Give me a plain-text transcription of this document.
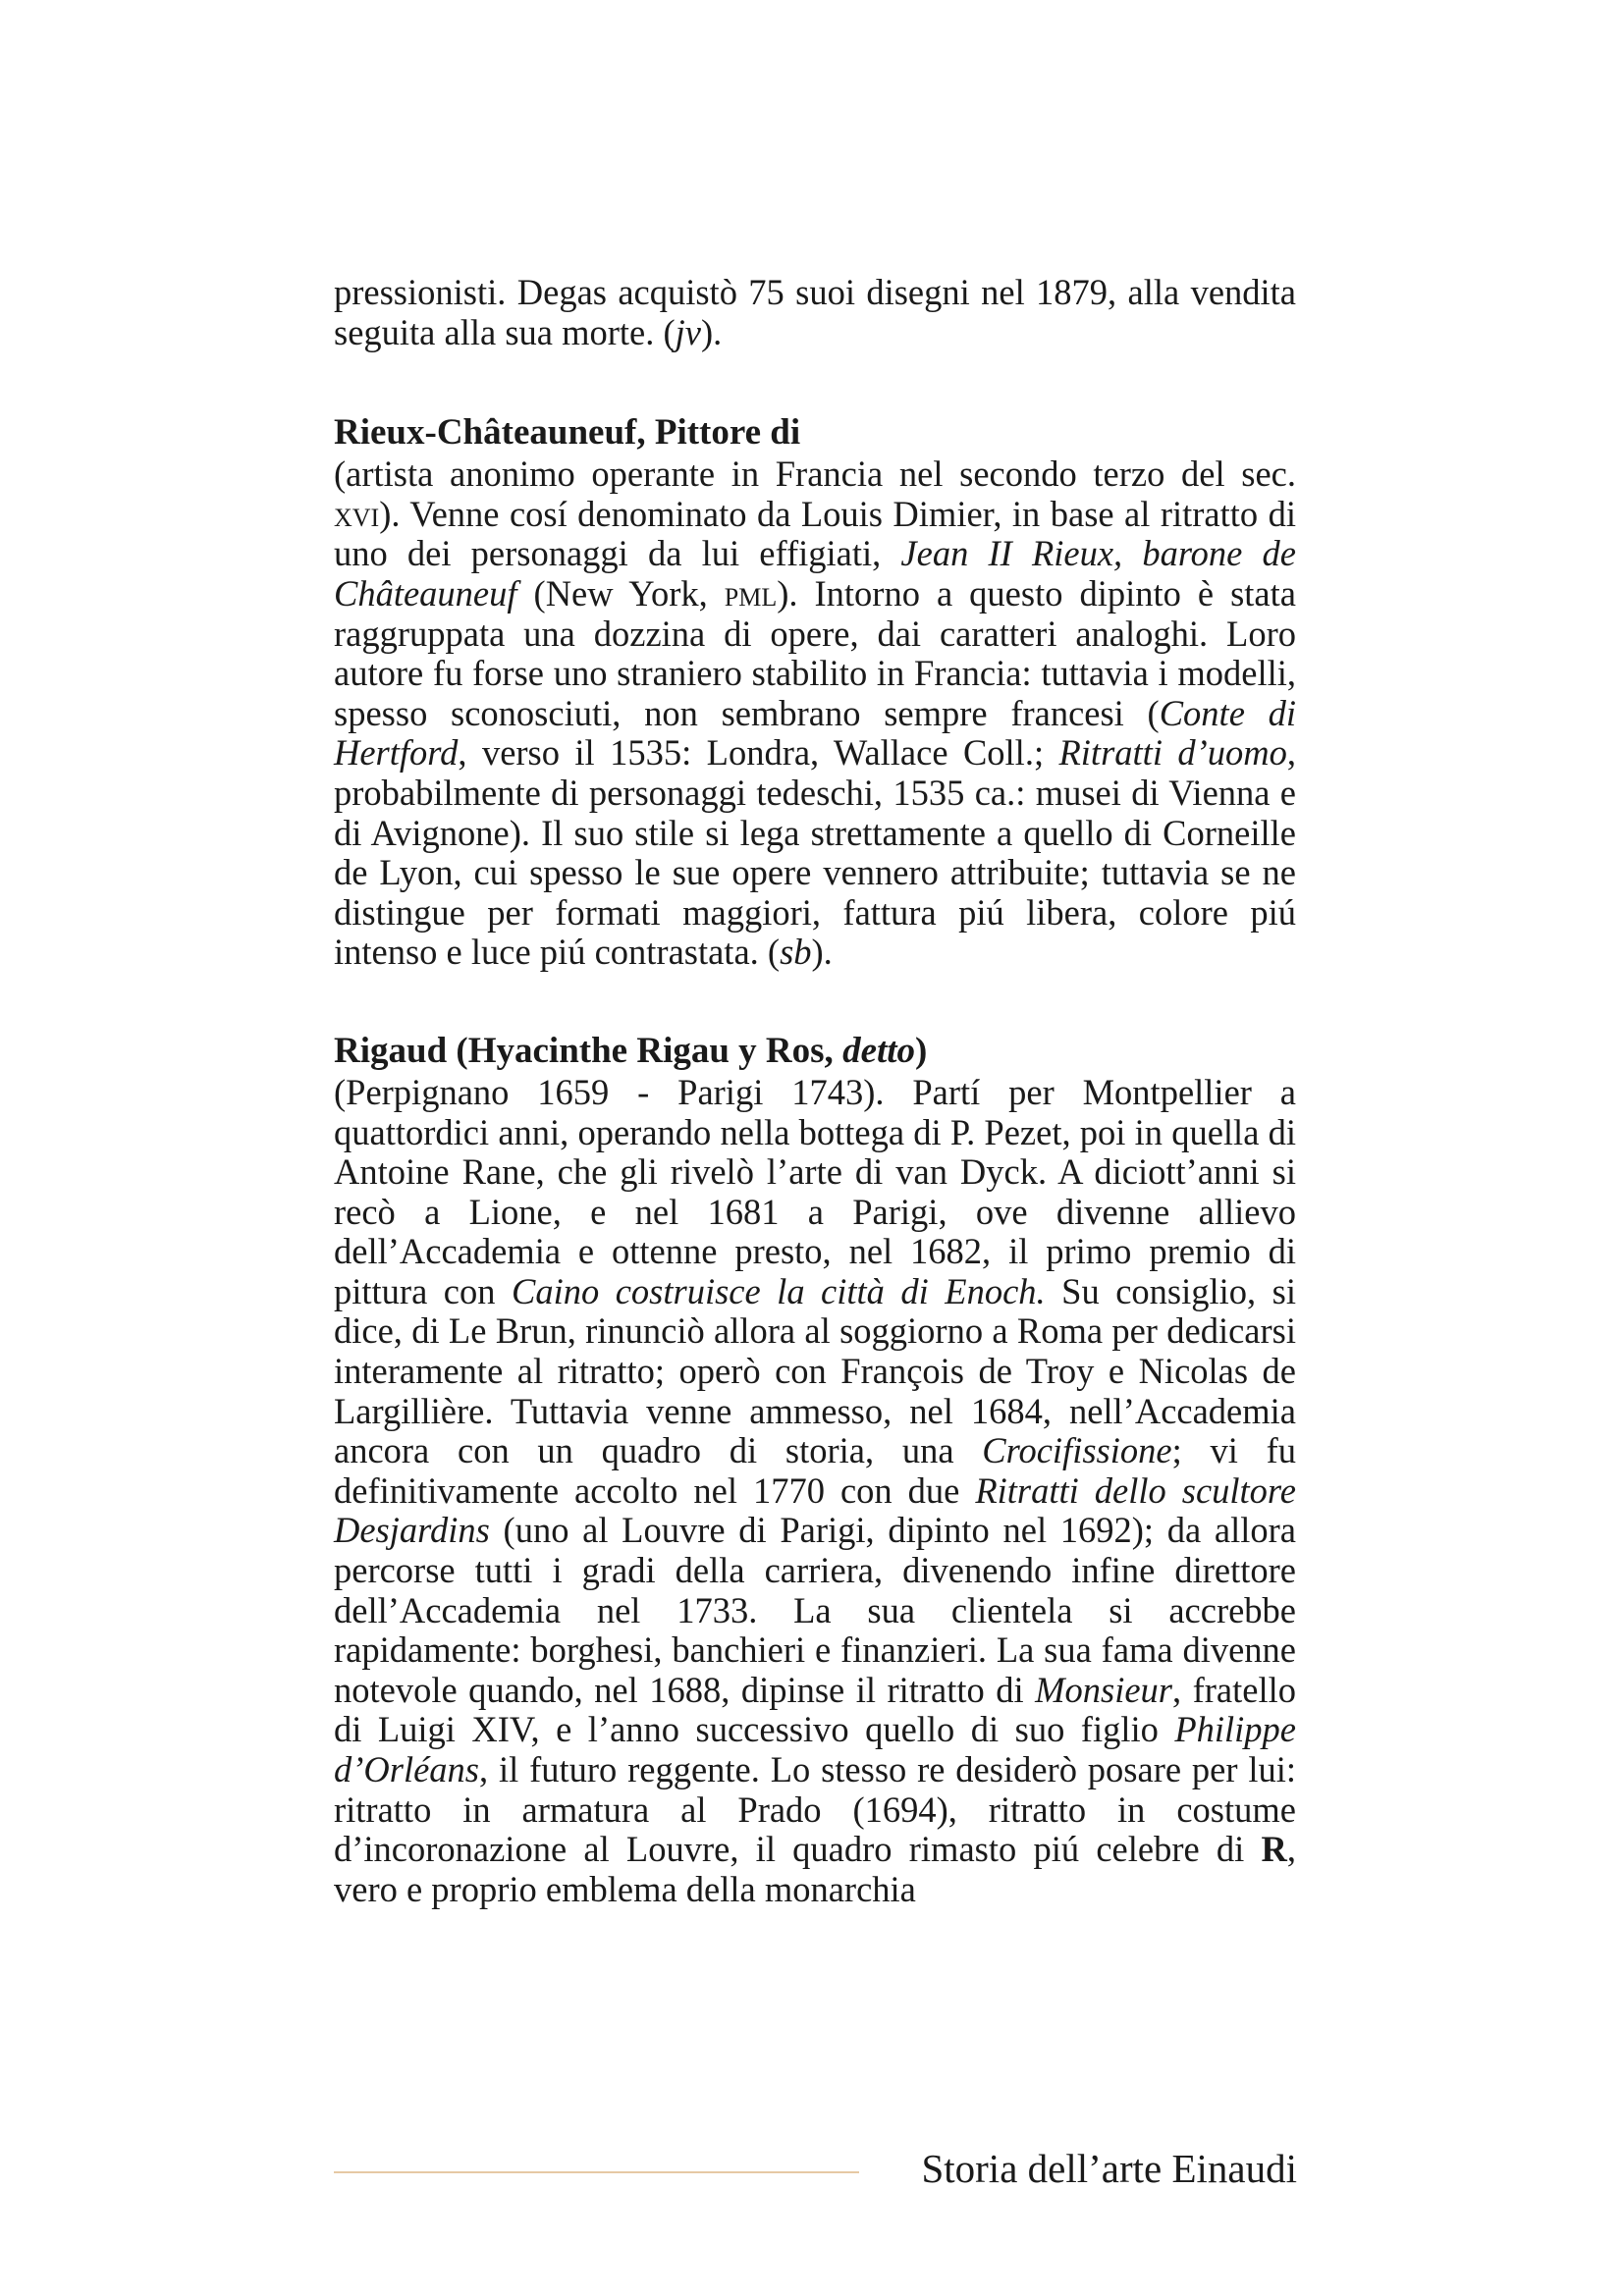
pressionisti. Degas acquistò 75 suoi disegni nel 1879, alla vendita seguita alla sua morte. (jv).

Rieux-Châteauneuf, Pittore di

(artista anonimo operante in Francia nel secondo terzo del sec. xvi). Venne cosí denominato da Louis Dimier, in base al ritratto di uno dei personaggi da lui effigiati, Jean II Rieux, barone de Châteauneuf (New York, pml). Intorno a questo dipinto è stata raggruppata una dozzina di opere, dai caratteri analoghi. Loro autore fu forse uno straniero stabilito in Francia: tuttavia i modelli, spesso sconosciuti, non sembrano sempre francesi (Conte di Hertford, verso il 1535: Londra, Wallace Coll.; Ritratti d’uomo, probabilmente di personaggi tedeschi, 1535 ca.: musei di Vienna e di Avignone). Il suo stile si lega strettamente a quello di Corneille de Lyon, cui spesso le sue opere vennero attribuite; tuttavia se ne distingue per formati maggiori, fattura piú libera, colore piú intenso e luce piú contrastata. (sb).

Rigaud (Hyacinthe Rigau y Ros, detto)

(Perpignano 1659 - Parigi 1743). Partí per Montpellier a quattordici anni, operando nella bottega di P. Pezet, poi in quella di Antoine Rane, che gli rivelò l’arte di van Dyck. A diciott’anni si recò a Lione, e nel 1681 a Parigi, ove divenne allievo dell’Accademia e ottenne presto, nel 1682, il primo premio di pittura con Caino costruisce la città di Enoch. Su consiglio, si dice, di Le Brun, rinunciò allora al soggiorno a Roma per dedicarsi interamente al ritratto; operò con François de Troy e Nicolas de Largillière. Tuttavia venne ammesso, nel 1684, nell’Accademia ancora con un quadro di storia, una Crocifissione; vi fu definitivamente accolto nel 1770 con due Ritratti dello scultore Desjardins (uno al Louvre di Parigi, dipinto nel 1692); da allora percorse tutti i gradi della carriera, divenendo infine direttore dell’Accademia nel 1733. La sua clientela si accrebbe rapidamente: borghesi, banchieri e finanzieri. La sua fama divenne notevole quando, nel 1688, dipinse il ritratto di Monsieur, fratello di Luigi XIV, e l’anno successivo quello di suo figlio Philippe d’Orléans, il futuro reggente. Lo stesso re desiderò posare per lui: ritratto in armatura al Prado (1694), ritratto in costume d’incoronazione al Louvre, il quadro rimasto piú celebre di R, vero e proprio emblema della monarchia

Storia dell’arte Einaudi
